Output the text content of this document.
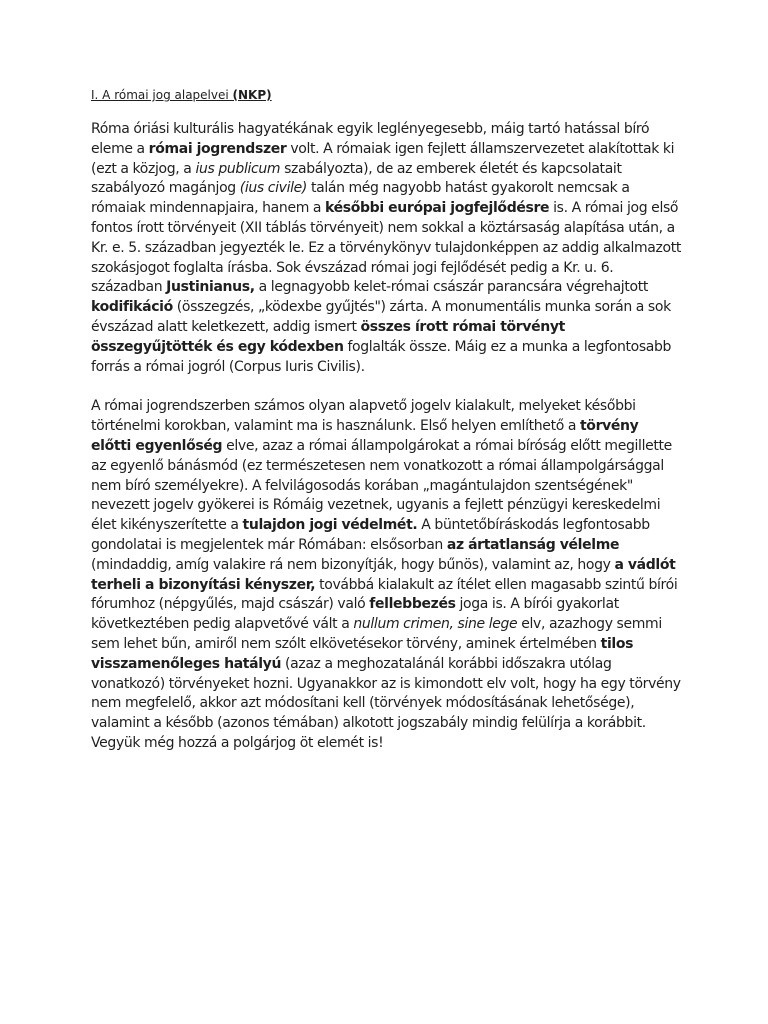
I. A római jog alapelvei (NKP)

Róma óriási kulturális hagyatékának egyik leglényegesebb, máig tartó hatással bíró eleme a római jogrendszer volt. A rómaiak igen fejlett államszervezetet alakítottak ki (ezt a közjog, a ius publicum szabályozta), de az emberek életét és kapcsolatait szabályozó magánjog (ius civile) talán még nagyobb hatást gyakorolt nemcsak a rómaiak mindennapjaira, hanem a későbbi európai jogfejlődésre is. A római jog első fontos írott törvényeit (XII táblás törvényeit) nem sokkal a köztársaság alapítása után, a Kr. e. 5. században jegyezték le. Ez a törvénykönyv tulajdonképpen az addig alkalmazott szokásjogot foglalta írásba. Sok évszázad római jogi fejlődését pedig a Kr. u. 6. században Justinianus, a legnagyobb kelet-római császár parancsára végrehajtott kodifikáció (összegzés, „ködexbe gyűjtés") zárta. A monumentális munka során a sok évszázad alatt keletkezett, addig ismert összes írott római törvényt összegyűjtötték és egy kódexben foglalták össze. Máig ez a munka a legfontosabb forrás a római jogról (Corpus Iuris Civilis).

A római jogrendszerben számos olyan alapvető jogelv kialakult, melyeket későbbi történelmi korokban, valamint ma is használunk. Első helyen említhető a törvény előtti egyenlőség elve, azaz a római állampolgárokat a római bíróság előtt megillette az egyenlő bánásmód (ez természetesen nem vonatkozott a római állampolgársággal nem bíró személyekre). A felvilágosodás korában „magántulajdon szentségének" nevezett jogelv gyökerei is Rómáig vezetnek, ugyanis a fejlett pénzügyi kereskedelmi élet kikényszerítette a tulajdon jogi védelmét. A büntetőbíráskodás legfontosabb gondolatai is megjelentek már Rómában: elsősorban az ártatlanság vélelme (mindaddig, amíg valakire rá nem bizonyítják, hogy bűnös), valamint az, hogy a vádlót terheli a bizonyítási kényszer, továbbá kialakult az ítélet ellen magasabb szintű bírói fórumhoz (népgyűlés, majd császár) való fellebbezés joga is. A bírói gyakorlat következtében pedig alapvetővé vált a nullum crimen, sine lege elv, azazhogy semmi sem lehet bűn, amiről nem szólt elkövetésekor törvény, aminek értelmében tilos visszamenőleges hatályú (azaz a meghozatalánál korábbi időszakra utólag vonatkozó) törvényeket hozni. Ugyanakkor az is kimondott elv volt, hogy ha egy törvény nem megfelelő, akkor azt módosítani kell (törvények módosításának lehetősége), valamint a később (azonos témában) alkotott jogszabály mindig felülírja a korábbit. Vegyük még hozzá a polgárjog öt elemét is!
